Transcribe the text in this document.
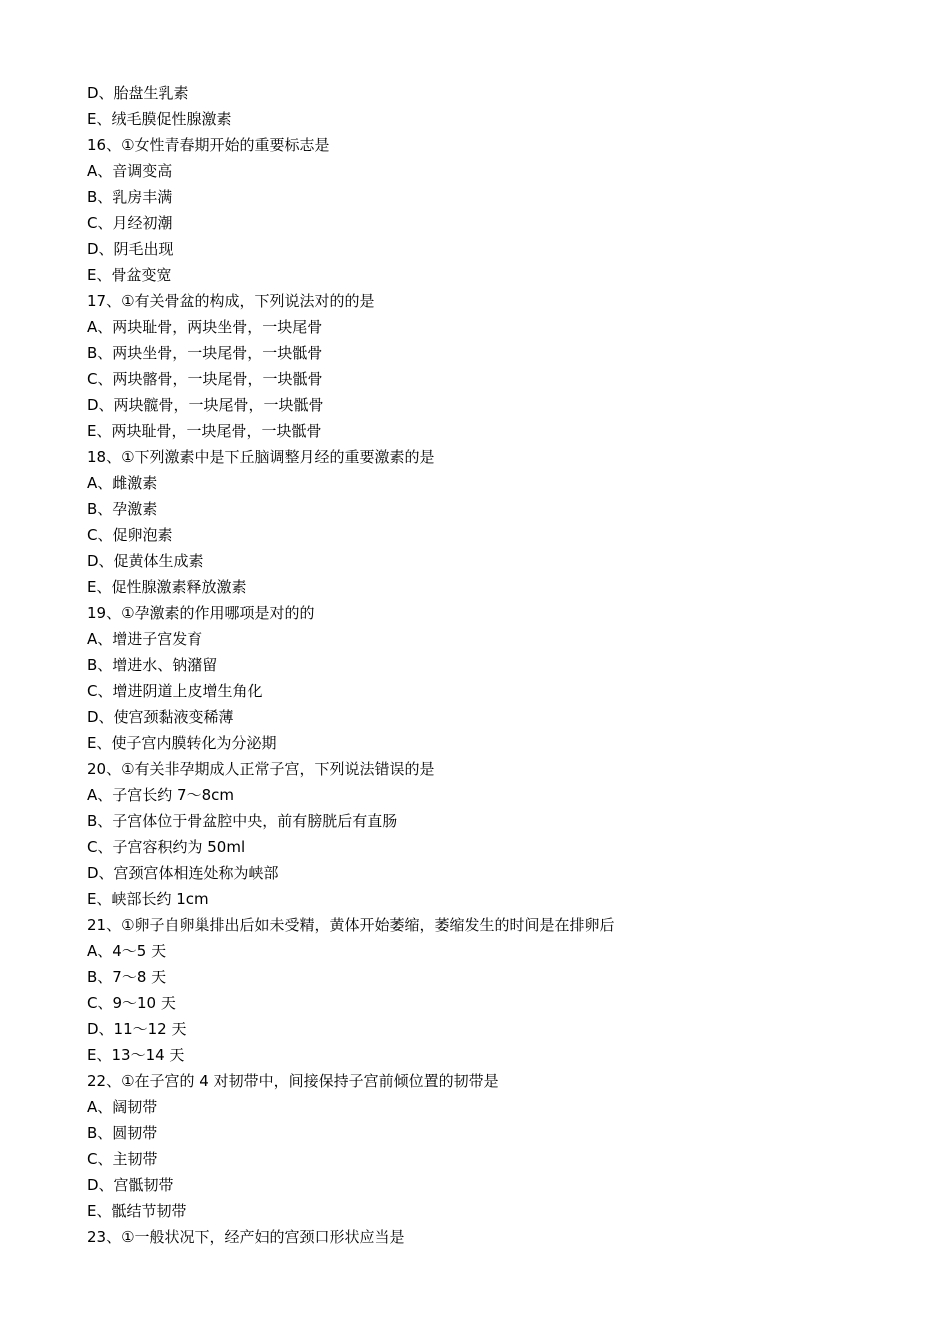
D、胎盘生乳素
E、绒毛膜促性腺激素
16、①女性青春期开始的重要标志是
A、音调变高
B、乳房丰满
C、月经初潮
D、阴毛出现
E、骨盆变宽
17、①有关骨盆的构成，下列说法对的的是
A、两块耻骨，两块坐骨，一块尾骨
B、两块坐骨，一块尾骨，一块骶骨
C、两块髂骨，一块尾骨，一块骶骨
D、两块髋骨，一块尾骨，一块骶骨
E、两块耻骨，一块尾骨，一块骶骨
18、①下列激素中是下丘脑调整月经的重要激素的是
A、雌激素
B、孕激素
C、促卵泡素
D、促黄体生成素
E、促性腺激素释放激素
19、①孕激素的作用哪项是对的的
A、增进子宫发育
B、增进水、钠潴留
C、增进阴道上皮增生角化
D、使宫颈黏液变稀薄
E、使子宫内膜转化为分泌期
20、①有关非孕期成人正常子宫，下列说法错误的是
A、子宫长约 7～8cm
B、子宫体位于骨盆腔中央，前有膀胱后有直肠
C、子宫容积约为 50ml
D、宫颈宫体相连处称为峡部
E、峡部长约 1cm
21、①卵子自卵巢排出后如未受精，黄体开始萎缩，萎缩发生的时间是在排卵后
A、4～5 天
B、7～8 天
C、9～10 天
D、11～12 天
E、13～14 天
22、①在子宫的 4 对韧带中，间接保持子宫前倾位置的韧带是
A、阔韧带
B、圆韧带
C、主韧带
D、宫骶韧带
E、骶结节韧带
23、①一般状况下，经产妇的宫颈口形状应当是
